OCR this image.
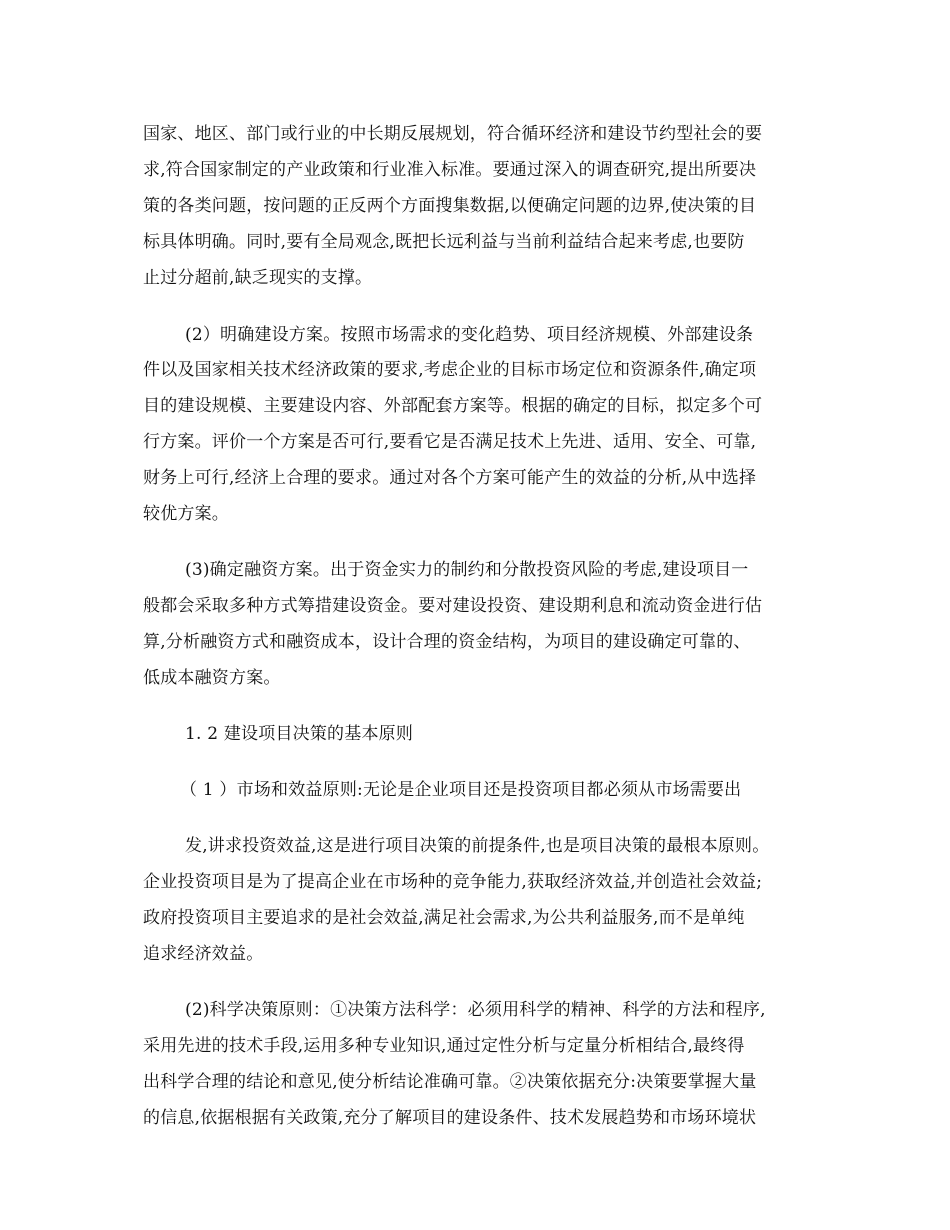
国家、地区、部门或行业的中长期反展规划，符合循环经济和建设节约型社会的要
求,符合国家制定的产业政策和行业准入标准。要通过深入的调查研究,提出所要决
策的各类问题，按问题的正反两个方面搜集数据,以便确定问题的边界,使决策的目
标具体明确。同时,要有全局观念,既把长远利益与当前利益结合起来考虑,也要防
止过分超前,缺乏现实的支撑。
(2）明确建设方案。按照市场需求的变化趋势、项目经济规模、外部建设条
件以及国家相关技术经济政策的要求,考虑企业的目标市场定位和资源条件,确定项
目的建设规模、主要建设内容、外部配套方案等。根据的确定的目标，拟定多个可
行方案。评价一个方案是否可行,要看它是否满足技术上先进、适用、安全、可靠,
财务上可行,经济上合理的要求。通过对各个方案可能产生的效益的分析,从中选择
较优方案。
(3)确定融资方案。出于资金实力的制约和分散投资风险的考虑,建设项目一
般都会采取多种方式筹措建设资金。要对建设投资、建设期利息和流动资金进行估
算,分析融资方式和融资成本，设计合理的资金结构，为项目的建设确定可靠的、
低成本融资方案。
1. 2 建设项目决策的基本原则
（ 1 ）市场和效益原则:无论是企业项目还是投资项目都必须从市场需要出
发,讲求投资效益,这是进行项目决策的前提条件,也是项目决策的最根本原则。
企业投资项目是为了提高企业在市场种的竞争能力,获取经济效益,并创造社会效益;
政府投资项目主要追求的是社会效益,满足社会需求,为公共利益服务,而不是单纯
追求经济效益。
(2)科学决策原则：①决策方法科学：必须用科学的精神、科学的方法和程序,
采用先进的技术手段,运用多种专业知识,通过定性分析与定量分析相结合,最终得
出科学合理的结论和意见,使分析结论准确可靠。②决策依据充分:决策要掌握大量
的信息,依据根据有关政策,充分了解项目的建设条件、技术发展趋势和市场环境状
